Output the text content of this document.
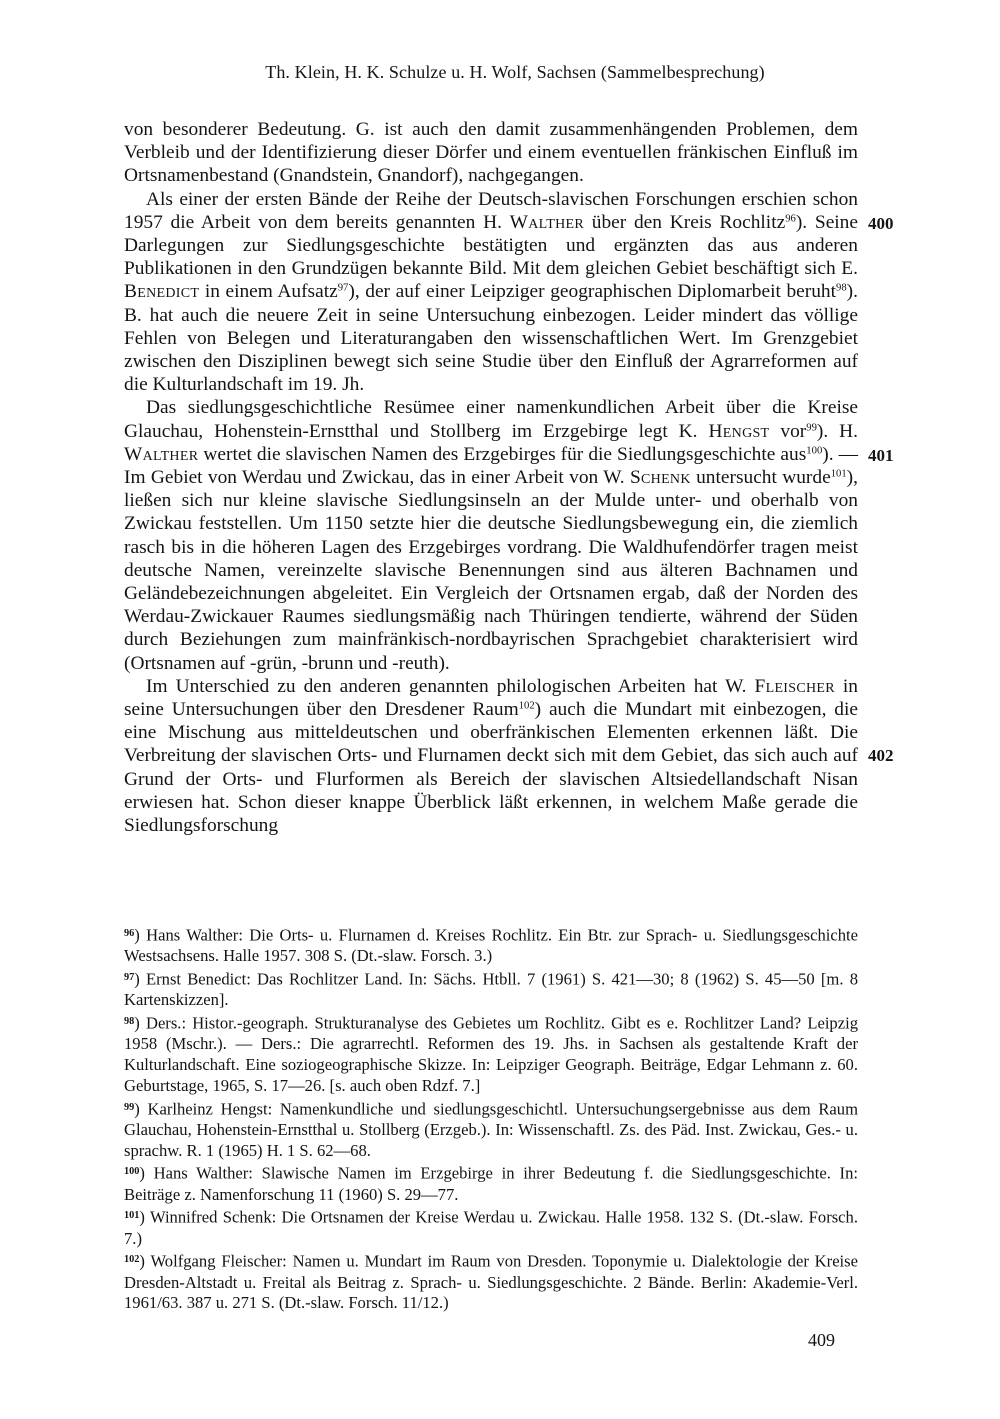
Th. Klein, H. K. Schulze u. H. Wolf, Sachsen (Sammelbesprechung)

von besonderer Bedeutung. G. ist auch den damit zusammenhängenden Problemen, dem Verbleib und der Identifizierung dieser Dörfer und einem eventuellen fränkischen Einfluß im Ortsnamenbestand (Gnandstein, Gnandorf), nachgegangen.

Als einer der ersten Bände der Reihe der Deutsch-slavischen Forschungen erschien schon 1957 die Arbeit von dem bereits genannten H. Walther über den Kreis Rochlitz$^{96}$). Seine Darlegungen zur Siedlungsgeschichte bestätigten und ergänzten das aus anderen Publikationen in den Grundzügen bekannte Bild. Mit dem gleichen Gebiet beschäftigt sich E. Benedict in einem Aufsatz$^{97}$), der auf einer Leipziger geographischen Diplomarbeit beruht$^{98}$). B. hat auch die neuere Zeit in seine Untersuchung einbezogen. Leider mindert das völlige Fehlen von Belegen und Literaturangaben den wissenschaftlichen Wert. Im Grenzgebiet zwischen den Disziplinen bewegt sich seine Studie über den Einfluß der Agrarreformen auf die Kulturlandschaft im 19. Jh.

Das siedlungsgeschichtliche Resümee einer namenkundlichen Arbeit über die Kreise Glauchau, Hohenstein-Ernstthal und Stollberg im Erzgebirge legt K. Hengst vor$^{99}$). H. Walther wertet die slavischen Namen des Erzgebirges für die Siedlungsgeschichte aus$^{100}$). — Im Gebiet von Werdau und Zwickau, das in einer Arbeit von W. Schenk untersucht wurde$^{101}$), ließen sich nur kleine slavische Siedlungsinseln an der Mulde unter- und oberhalb von Zwickau feststellen. Um 1150 setzte hier die deutsche Siedlungsbewegung ein, die ziemlich rasch bis in die höheren Lagen des Erzgebirges vordrang. Die Waldhufendörfer tragen meist deutsche Namen, vereinzelte slavische Benennungen sind aus älteren Bachnamen und Geländebezeichnungen abgeleitet. Ein Vergleich der Ortsnamen ergab, daß der Norden des Werdau-Zwickauer Raumes siedlungsmäßig nach Thüringen tendierte, während der Süden durch Beziehungen zum mainfränkisch-nordbayrischen Sprachgebiet charakterisiert wird (Ortsnamen auf -grün, -brunn und -reuth).

Im Unterschied zu den anderen genannten philologischen Arbeiten hat W. Fleischer in seine Untersuchungen über den Dresdener Raum$^{102}$) auch die Mundart mit einbezogen, die eine Mischung aus mitteldeutschen und oberfränkischen Elementen erkennen läßt. Die Verbreitung der slavischen Orts- und Flurnamen deckt sich mit dem Gebiet, das sich auch auf Grund der Orts- und Flurformen als Bereich der slavischen Altsiedellandschaft Nisan erwiesen hat. Schon dieser knappe Überblick läßt erkennen, in welchem Maße gerade die Siedlungsforschung

400
401
402

$^{96}$) Hans Walther: Die Orts- u. Flurnamen d. Kreises Rochlitz. Ein Btr. zur Sprach- u. Siedlungsgeschichte Westsachsens. Halle 1957. 308 S. (Dt.-slaw. Forsch. 3.)

$^{97}$) Ernst Benedict: Das Rochlitzer Land. In: Sächs. Htbll. 7 (1961) S. 421—30; 8 (1962) S. 45—50 [m. 8 Kartenskizzen].

$^{98}$) Ders.: Histor.-geograph. Strukturanalyse des Gebietes um Rochlitz. Gibt es e. Rochlitzer Land? Leipzig 1958 (Mschr.). — Ders.: Die agrarrechtl. Reformen des 19. Jhs. in Sachsen als gestaltende Kraft der Kulturlandschaft. Eine soziogeographische Skizze. In: Leipziger Geograph. Beiträge, Edgar Lehmann z. 60. Geburtstage, 1965, S. 17—26. [s. auch oben Rdzf. 7.]

$^{99}$) Karlheinz Hengst: Namenkundliche und siedlungsgeschichtl. Untersuchungsergebnisse aus dem Raum Glauchau, Hohenstein-Ernstthal u. Stollberg (Erzgeb.). In: Wissenschaftl. Zs. des Päd. Inst. Zwickau, Ges.- u. sprachw. R. 1 (1965) H. 1 S. 62—68.

$^{100}$) Hans Walther: Slawische Namen im Erzgebirge in ihrer Bedeutung f. die Siedlungsgeschichte. In: Beiträge z. Namenforschung 11 (1960) S. 29—77.

$^{101}$) Winnifred Schenk: Die Ortsnamen der Kreise Werdau u. Zwickau. Halle 1958. 132 S. (Dt.-slaw. Forsch. 7.)

$^{102}$) Wolfgang Fleischer: Namen u. Mundart im Raum von Dresden. Toponymie u. Dialektologie der Kreise Dresden-Altstadt u. Freital als Beitrag z. Sprach- u. Siedlungsgeschichte. 2 Bände. Berlin: Akademie-Verl. 1961/63. 387 u. 271 S. (Dt.-slaw. Forsch. 11/12.)

409
